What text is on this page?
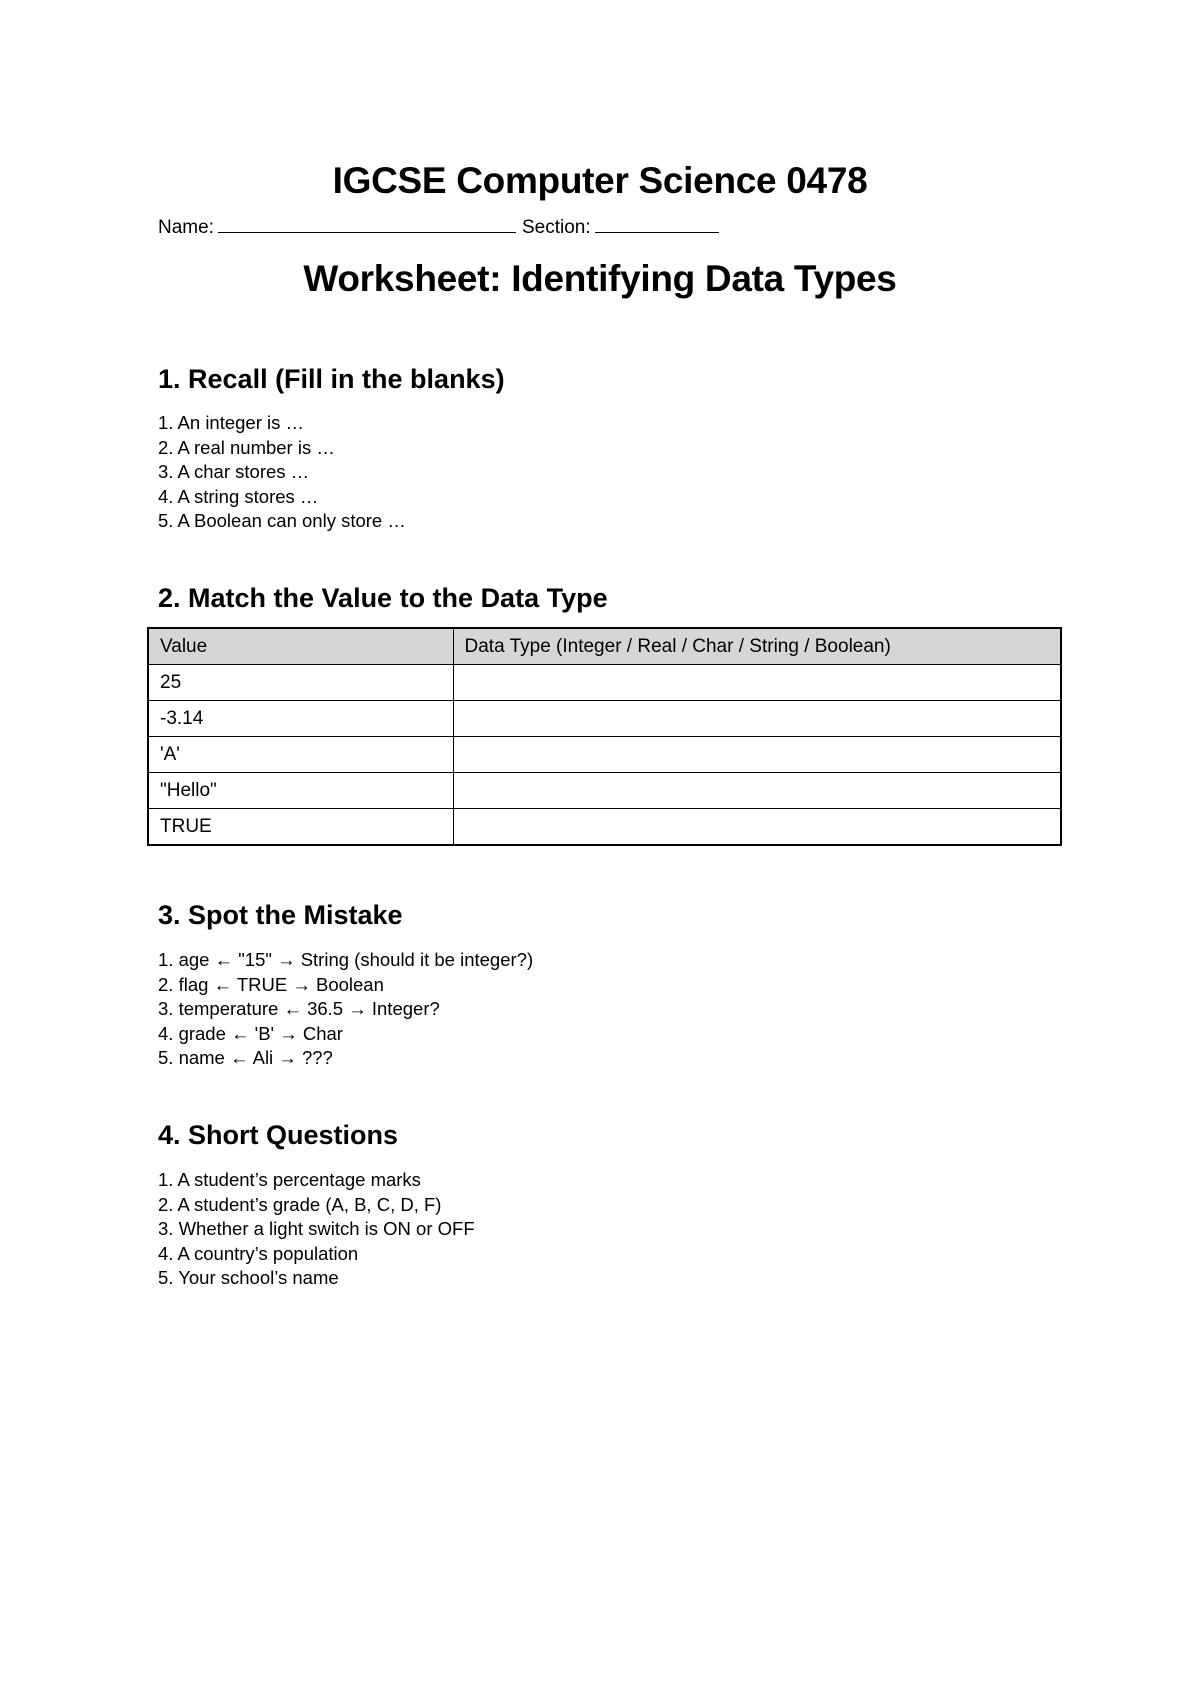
IGCSE Computer Science 0478
Name:	Section:
Worksheet: Identifying Data Types
1. Recall (Fill in the blanks)
1. An integer is …
2. A real number is …
3. A char stores …
4. A string stores …
5. A Boolean can only store …
2. Match the Value to the Data Type
Value	Data Type (Integer / Real / Char / String / Boolean)
25	
-3.14	
'A'	
"Hello"	
TRUE	
3. Spot the Mistake
1. age ← "15" → String (should it be integer?)
2. flag ← TRUE → Boolean
3. temperature ← 36.5 → Integer?
4. grade ← 'B' → Char
5. name ← Ali → ???
4. Short Questions
1. A student’s percentage marks
2. A student’s grade (A, B, C, D, F)
3. Whether a light switch is ON or OFF
4. A country’s population
5. Your school’s name
